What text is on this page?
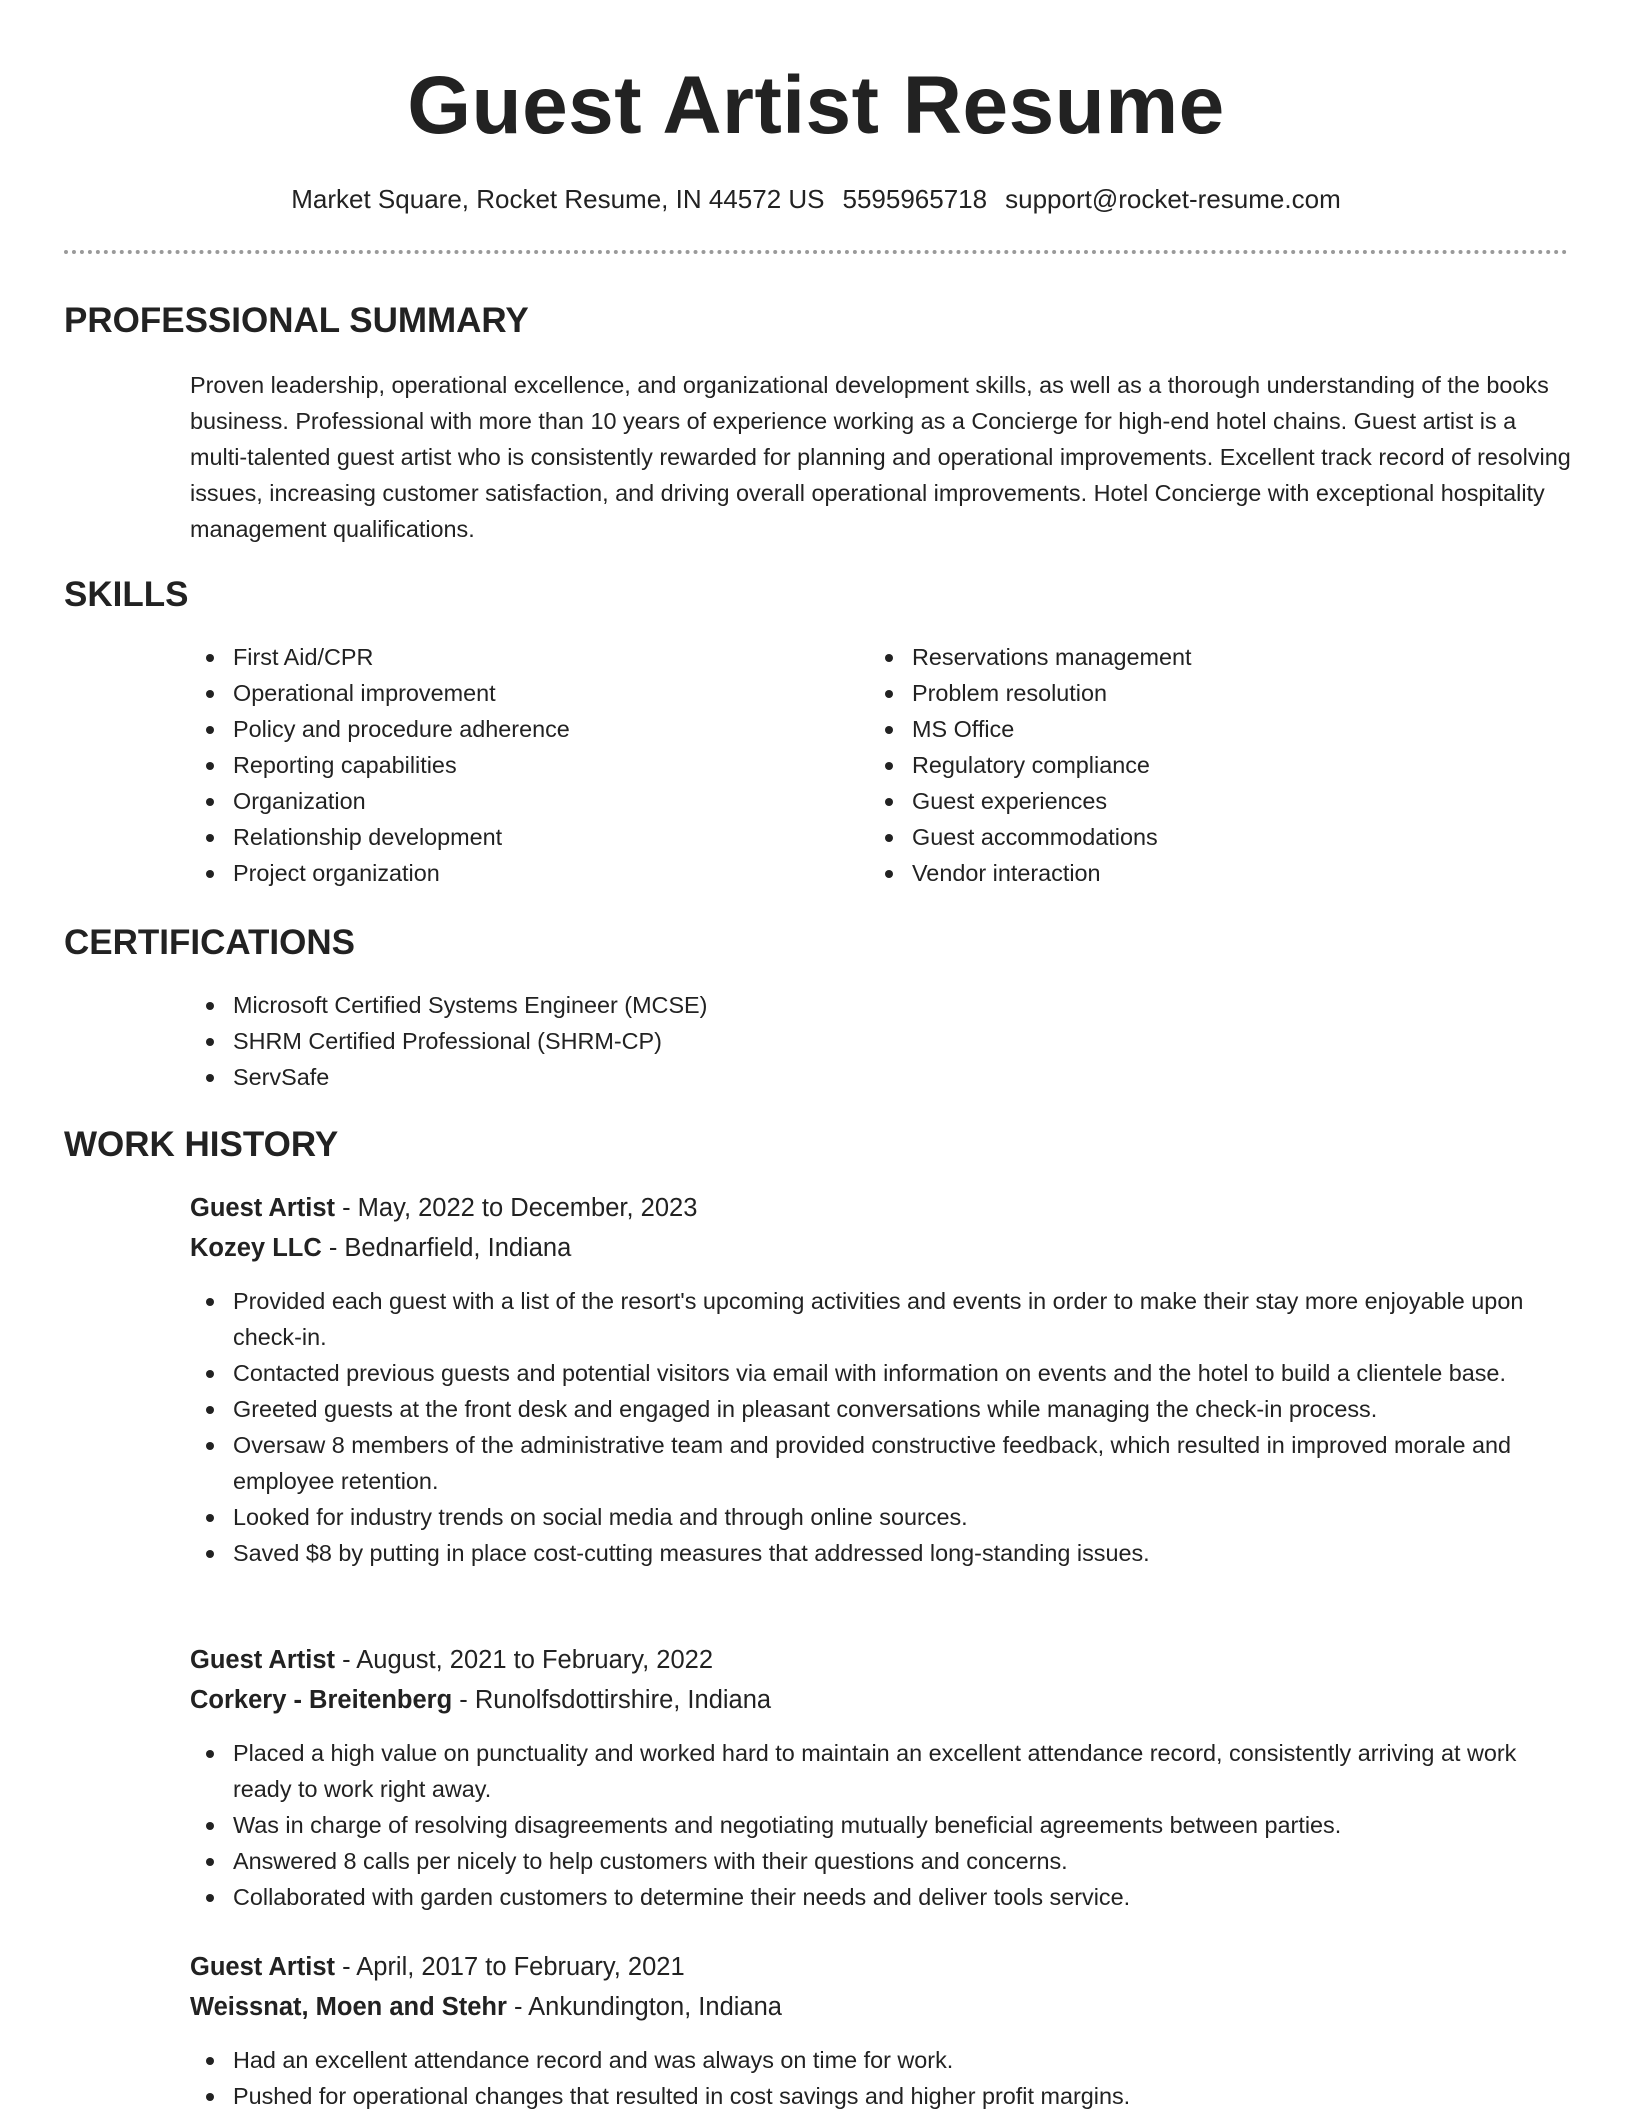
Guest Artist Resume
Market Square, Rocket Resume, IN 44572 US 5595965718 support@rocket-resume.com
PROFESSIONAL SUMMARY
Proven leadership, operational excellence, and organizational development skills, as well as a thorough understanding of the books business. Professional with more than 10 years of experience working as a Concierge for high-end hotel chains. Guest artist is a multi-talented guest artist who is consistently rewarded for planning and operational improvements. Excellent track record of resolving issues, increasing customer satisfaction, and driving overall operational improvements. Hotel Concierge with exceptional hospitality management qualifications.
SKILLS
First Aid/CPR
Operational improvement
Policy and procedure adherence
Reporting capabilities
Organization
Relationship development
Project organization
Reservations management
Problem resolution
MS Office
Regulatory compliance
Guest experiences
Guest accommodations
Vendor interaction
CERTIFICATIONS
Microsoft Certified Systems Engineer (MCSE)
SHRM Certified Professional (SHRM-CP)
ServSafe
WORK HISTORY
Guest Artist - May, 2022 to December, 2023
Kozey LLC - Bednarfield, Indiana
Provided each guest with a list of the resort's upcoming activities and events in order to make their stay more enjoyable upon check-in.
Contacted previous guests and potential visitors via email with information on events and the hotel to build a clientele base.
Greeted guests at the front desk and engaged in pleasant conversations while managing the check-in process.
Oversaw 8 members of the administrative team and provided constructive feedback, which resulted in improved morale and employee retention.
Looked for industry trends on social media and through online sources.
Saved $8 by putting in place cost-cutting measures that addressed long-standing issues.
Guest Artist - August, 2021 to February, 2022
Corkery - Breitenberg - Runolfsdottirshire, Indiana
Placed a high value on punctuality and worked hard to maintain an excellent attendance record, consistently arriving at work ready to work right away.
Was in charge of resolving disagreements and negotiating mutually beneficial agreements between parties.
Answered 8 calls per nicely to help customers with their questions and concerns.
Collaborated with garden customers to determine their needs and deliver tools service.
Guest Artist - April, 2017 to February, 2021
Weissnat, Moen and Stehr - Ankundington, Indiana
Had an excellent attendance record and was always on time for work.
Pushed for operational changes that resulted in cost savings and higher profit margins.
